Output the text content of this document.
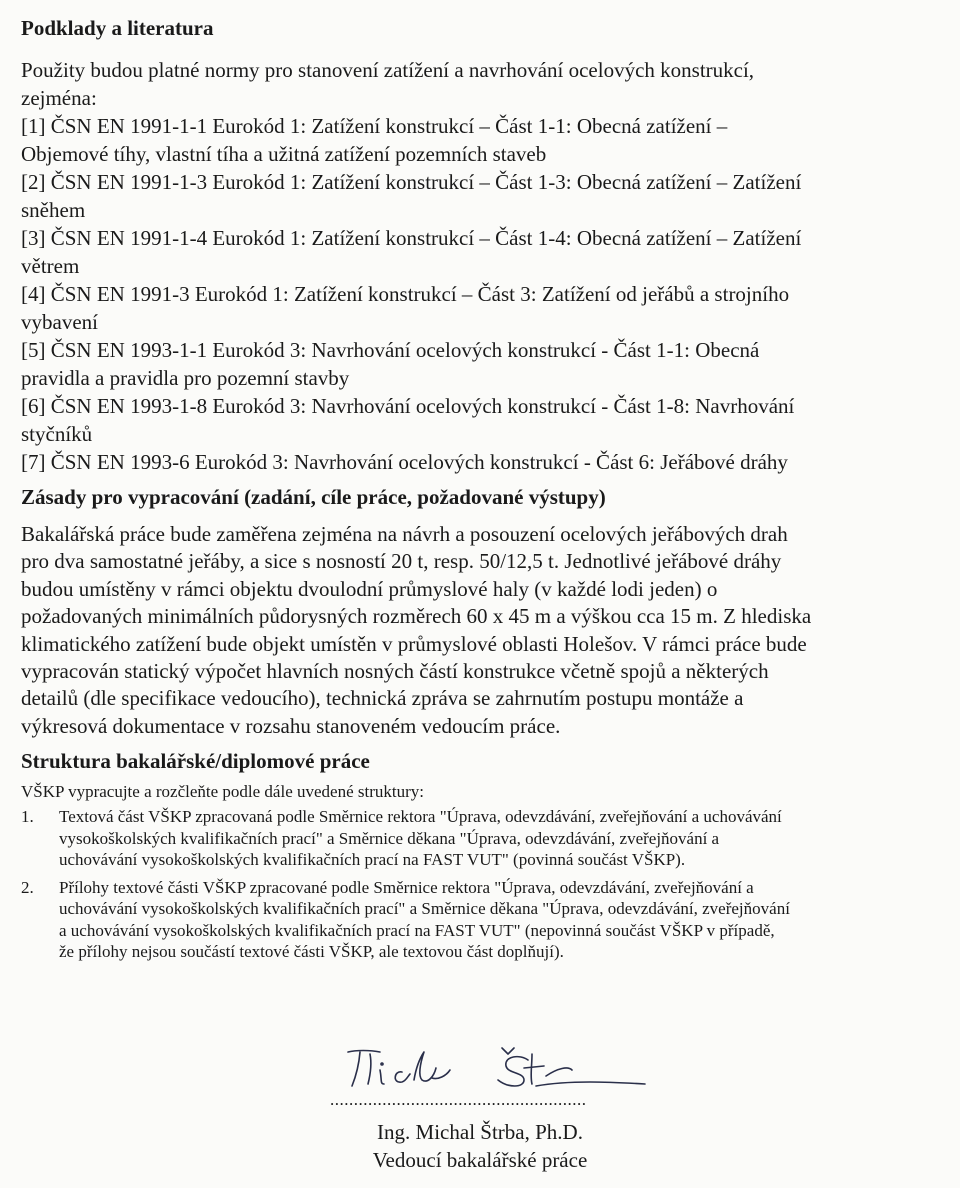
Podklady a literatura

Použity budou platné normy pro stanovení zatížení a navrhování ocelových konstrukcí,

zejména:

[1] ČSN EN 1991-1-1 Eurokód 1: Zatížení konstrukcí – Část 1-1: Obecná zatížení –

Objemové tíhy, vlastní tíha a užitná zatížení pozemních staveb

[2] ČSN EN 1991-1-3 Eurokód 1: Zatížení konstrukcí – Část 1-3: Obecná zatížení – Zatížení

sněhem

[3] ČSN EN 1991-1-4 Eurokód 1: Zatížení konstrukcí – Část 1-4: Obecná zatížení – Zatížení

větrem

[4] ČSN EN 1991-3 Eurokód 1: Zatížení konstrukcí – Část 3: Zatížení od jeřábů a strojního

vybavení

[5] ČSN EN 1993-1-1 Eurokód 3: Navrhování ocelových konstrukcí - Část 1-1: Obecná

pravidla a pravidla pro pozemní stavby

[6] ČSN EN 1993-1-8 Eurokód 3: Navrhování ocelových konstrukcí - Část 1-8: Navrhování

styčníků

[7] ČSN EN 1993-6 Eurokód 3: Navrhování ocelových konstrukcí - Část 6: Jeřábové dráhy

Zásady pro vypracování (zadání, cíle práce, požadované výstupy)
Bakalářská práce bude zaměřena zejména na návrh a posouzení ocelových jeřábových drah
pro dva samostatné jeřáby, a sice s nosností 20 t, resp. 50/12,5 t. Jednotlivé jeřábové dráhy
budou umístěny v rámci objektu dvoulodní průmyslové haly (v každé lodi jeden) o
požadovaných minimálních půdorysných rozměrech 60 x 45 m a výškou cca 15 m. Z hlediska
klimatického zatížení bude objekt umístěn v průmyslové oblasti Holešov. V rámci práce bude
vypracován statický výpočet hlavních nosných částí konstrukce včetně spojů a některých
detailů (dle specifikace vedoucího), technická zpráva se zahrnutím postupu montáže a
výkresová dokumentace v rozsahu stanoveném vedoucím práce.
Struktura bakalářské/diplomové práce

VŠKP vypracujte a rozčleňte podle dále uvedené struktury:

1.	Textová část VŠKP zpracovaná podle Směrnice rektora "Úprava, odevzdávání, zveřejňování a uchovávání
vysokoškolských kvalifikačních prací" a Směrnice děkana "Úprava, odevzdávání, zveřejňování a
uchovávání vysokoškolských kvalifikačních prací na FAST VUT" (povinná součást VŠKP).
2.	Přílohy textové části VŠKP zpracované podle Směrnice rektora "Úprava, odevzdávání, zveřejňování a
uchovávání vysokoškolských kvalifikačních prací" a Směrnice děkana "Úprava, odevzdávání, zveřejňování
a uchovávání vysokoškolských kvalifikačních prací na FAST VUT" (nepovinná součást VŠKP v případě,
že přílohy nejsou součástí textové části VŠKP, ale textovou část doplňují).
......................................................
Ing. Michal Štrba, Ph.D.
Vedoucí bakalářské práce
